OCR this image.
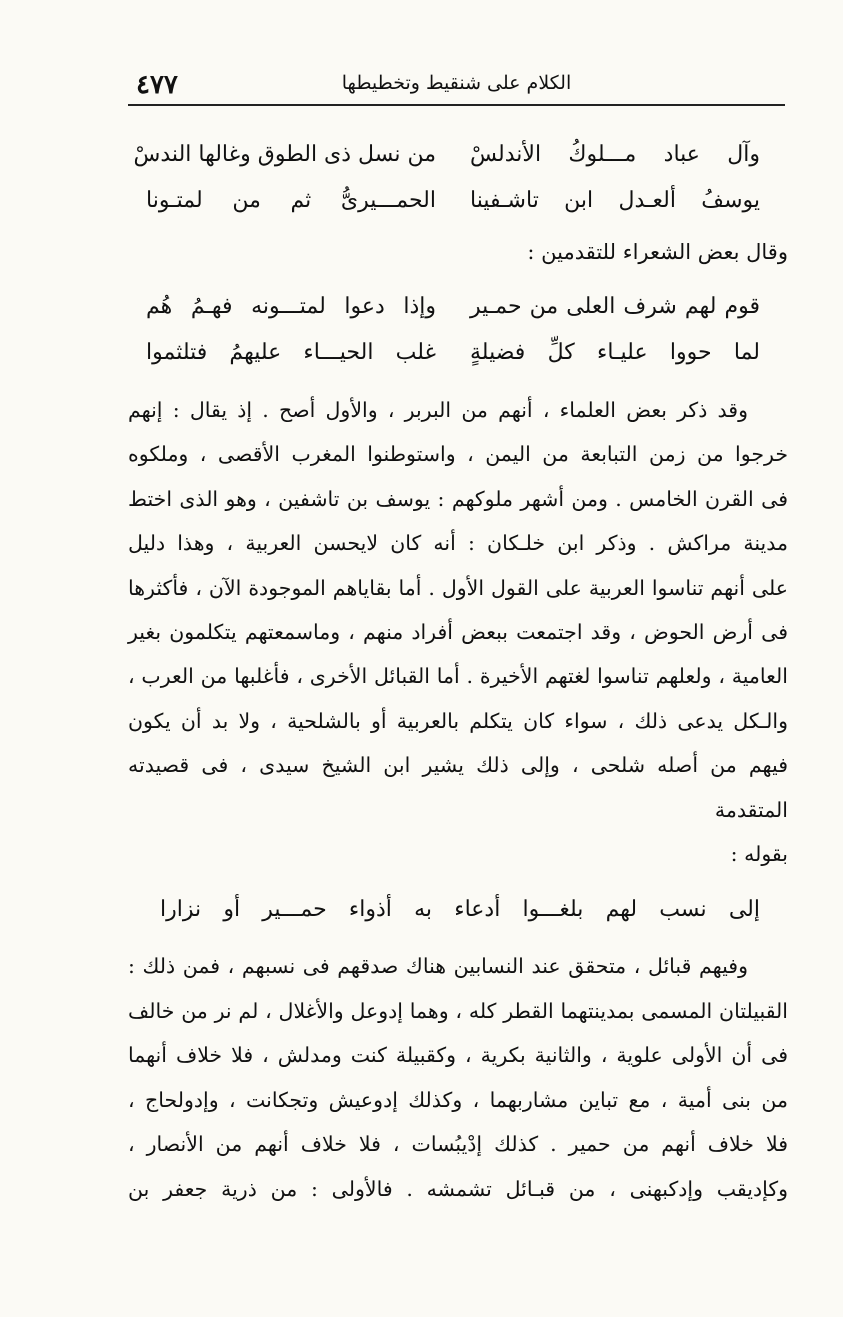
الكلام على شنقيط وتخطيطها
٤٧٧
وآل عباد مـــلوكُ الأندلسْ
من نسل ذى الطوق وغالها الندسْ
يوسفُ ألعـدل ابن تاشـفينا
الحمـــيرىُّ ثم من لمتـونا
وقال بعض الشعراء للتقدمين :
قوم لهم شرف العلى من حمـير
وإذا دعوا لمتـــونه فهـمُ هُم
لما حووا عليـاء كلِّ فضيلةٍ
غلب الحيـــاء عليهمُ فتلثموا

وقد ذكر بعض العلماء ، أنهم من البربر ، والأول أصح . إذ يقال : إنهم

خرجوا من زمن التبابعة من اليمن ، واستوطنوا المغرب الأقصى ، وملكوه

فى القرن الخامس . ومن أشهر ملوكهم : يوسف بن تاشفين ، وهو الذى اختط

مدينة مراكش . وذكر ابن خلـكان : أنه كان لايحسن العربية ، وهذا دليل

على أنهم تناسوا العربية على القول الأول . أما بقاياهم الموجودة الآن ، فأكثرها

فى أرض الحوض ، وقد اجتمعت ببعض أفراد منهم ، وماسمعتهم يتكلمون بغير

العامية ، ولعلهم تناسوا لغتهم الأخيرة . أما القبائل الأخرى ، فأغلبها من العرب ،

والـكل يدعى ذلك ، سواء كان يتكلم بالعربية أو بالشلحية ، ولا بد أن يكون

فيهم من أصله شلحى ، وإلى ذلك يشير ابن الشيخ سيدى ، فى قصيدته المتقدمة

بقوله :

إلى نسب لهم بلغـــوا أدعاء به أذواء حمـــير أو نزارا

وفيهم قبائل ، متحقق عند النسابين هناك صدقهم فى نسبهم ، فمن ذلك :

القبيلتان المسمى بمدينتهما القطر كله ، وهما إدوعل والأغلال ، لم نر من خالف

فى أن الأولى علوية ، والثانية بكرية ، وكقبيلة كنت ومدلش ، فلا خلاف أنهما

من بنى أمية ، مع تباين مشاربهما ، وكذلك إدوعيش وتجكانت ، وإدولحاج ،

فلا خلاف أنهم من حمير . كذلك إدْيبُسات ، فلا خلاف أنهم من الأنصار ،

وكإديقب وإدكبهنى ، من قبـائل تشمشه . فالأولى : من ذرية جعفر بن
